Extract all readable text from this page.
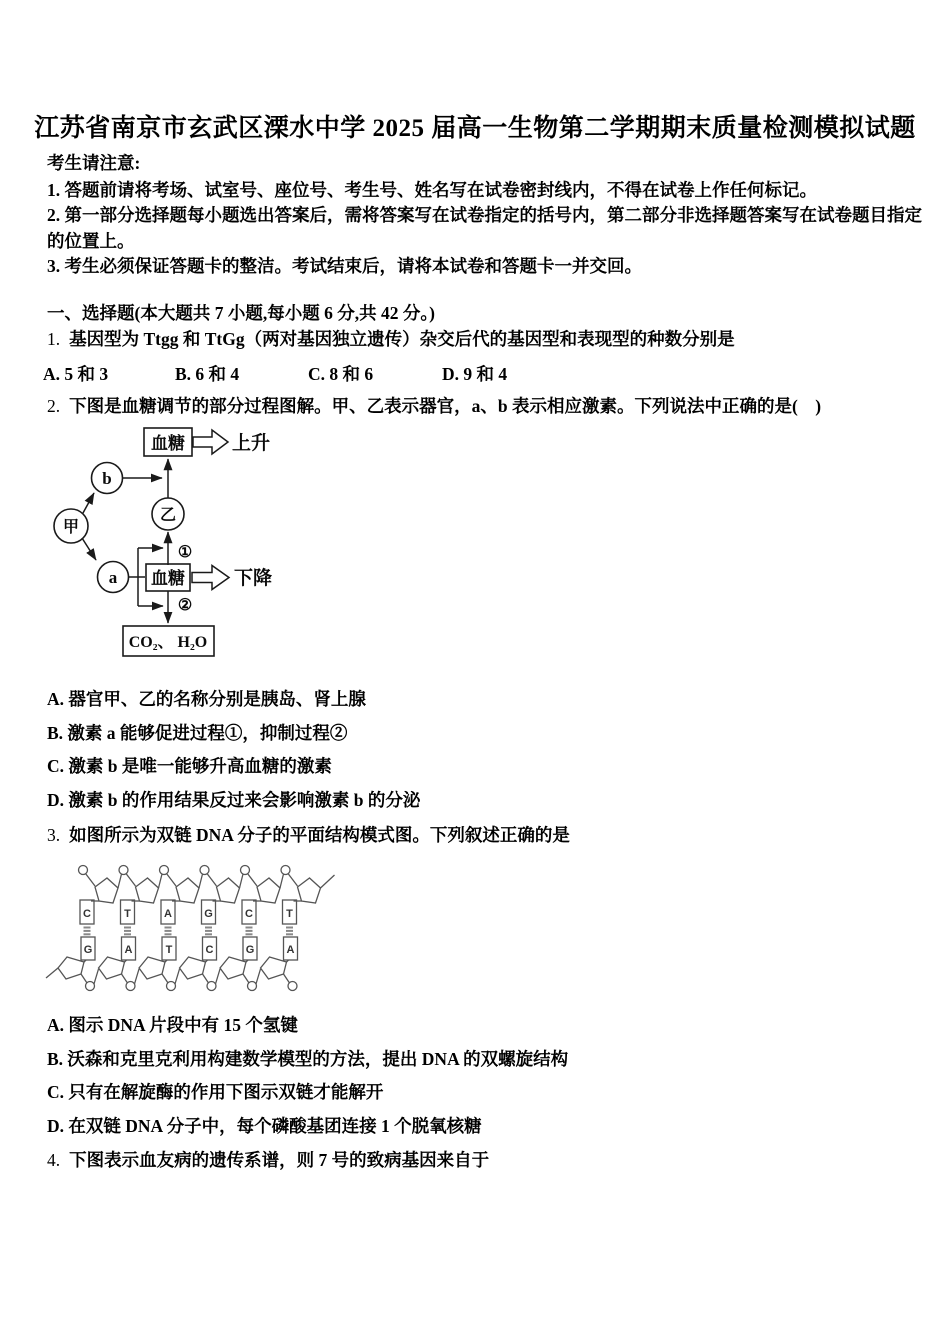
江苏省南京市玄武区溧水中学 2025 届高一生物第二学期期末质量检测模拟试题
考生请注意:
1. 答题前请将考场、试室号、座位号、考生号、姓名写在试卷密封线内，不得在试卷上作任何标记。
2. 第一部分选择题每小题选出答案后，需将答案写在试卷指定的括号内，第二部分非选择题答案写在试卷题目指定的位置上。
3. 考生必须保证答题卡的整洁。考试结束后，请将本试卷和答题卡一并交回。
一、选择题(本大题共 7 小题,每小题 6 分,共 42 分。)
1. 基因型为 Ttgg 和 TtGg（两对基因独立遗传）杂交后代的基因型和表现型的种数分别是
A. 5 和 3	B. 6 和 4	C. 8 和 6	D. 9 和 4
2. 下图是血糖调节的部分过程图解。甲、乙表示器官，a、b 表示相应激素。下列说法中正确的是(　)
血糖 上升
b
乙
甲
a
①
血糖	下降
②
CO₂、 H₂O
A. 器官甲、乙的名称分别是胰岛、肾上腺
B. 激素 a 能够促进过程①，抑制过程②
C. 激素 b 是唯一能够升高血糖的激素
D. 激素 b 的作用结果反过来会影响激素 b 的分泌
3. 如图所示为双链 DNA 分子的平面结构模式图。下列叙述正确的是
C
G
T
A
A
T
G
C
C
G
T
A
A. 图示 DNA 片段中有 15 个氢键
B. 沃森和克里克利用构建数学模型的方法，提出 DNA 的双螺旋结构
C. 只有在解旋酶的作用下图示双链才能解开
D. 在双链 DNA 分子中，每个磷酸基团连接 1 个脱氧核糖
4. 下图表示血友病的遗传系谱，则 7 号的致病基因来自于
